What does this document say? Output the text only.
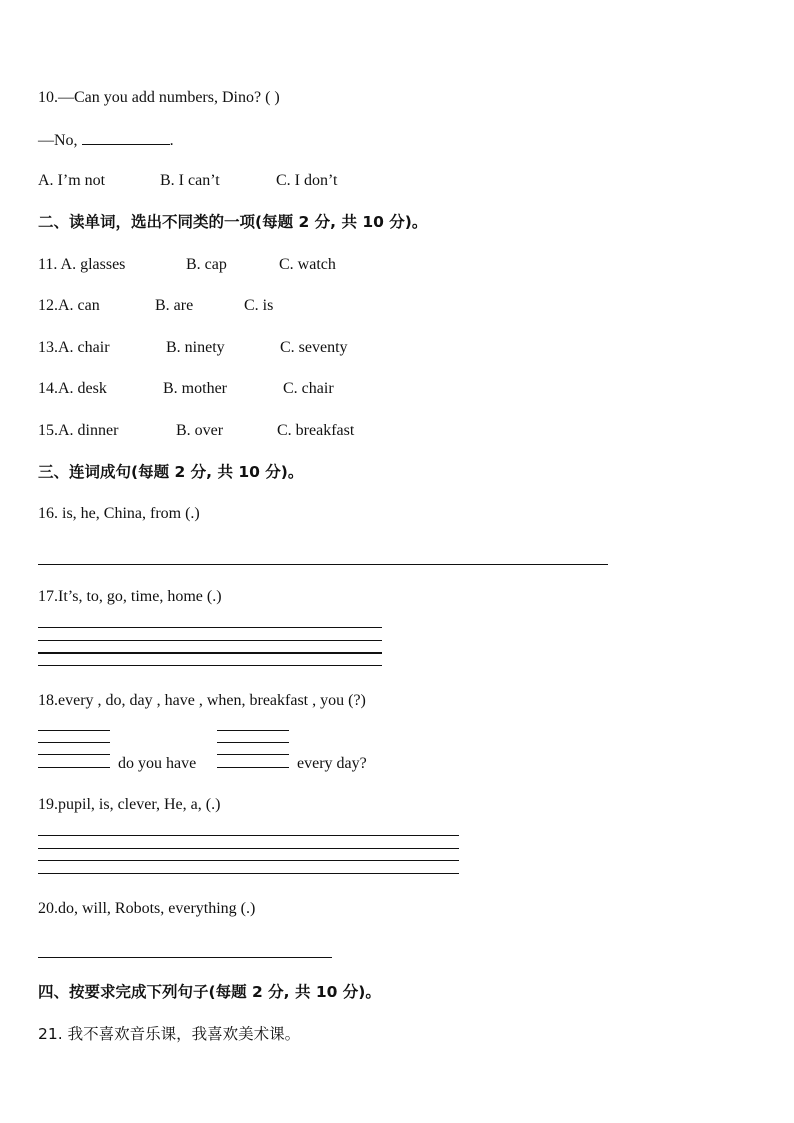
10.—Can you add numbers, Dino? ( )
—No,	.
A. I’m not	B. I can’t	C. I don’t
二、读单词，选出不同类的一项(每题 2 分, 共 10 分)。
11. A. glasses	B. cap	C. watch
12.A. can	B. are	C. is
13.A. chair	B. ninety	C. seventy
14.A. desk	B. mother	C. chair
15.A. dinner	B. over	C. breakfast
三、连词成句(每题 2 分, 共 10 分)。
16. is, he, China, from (.)
17.It’s, to, go, time, home (.)
18.every , do, day , have , when, breakfast , you (?)
do you have	every day?
19.pupil, is, clever, He, a, (.)
20.do, will, Robots, everything (.)
四、按要求完成下列句子(每题 2 分, 共 10 分)。
21. 我不喜欢音乐课，我喜欢美术课。
